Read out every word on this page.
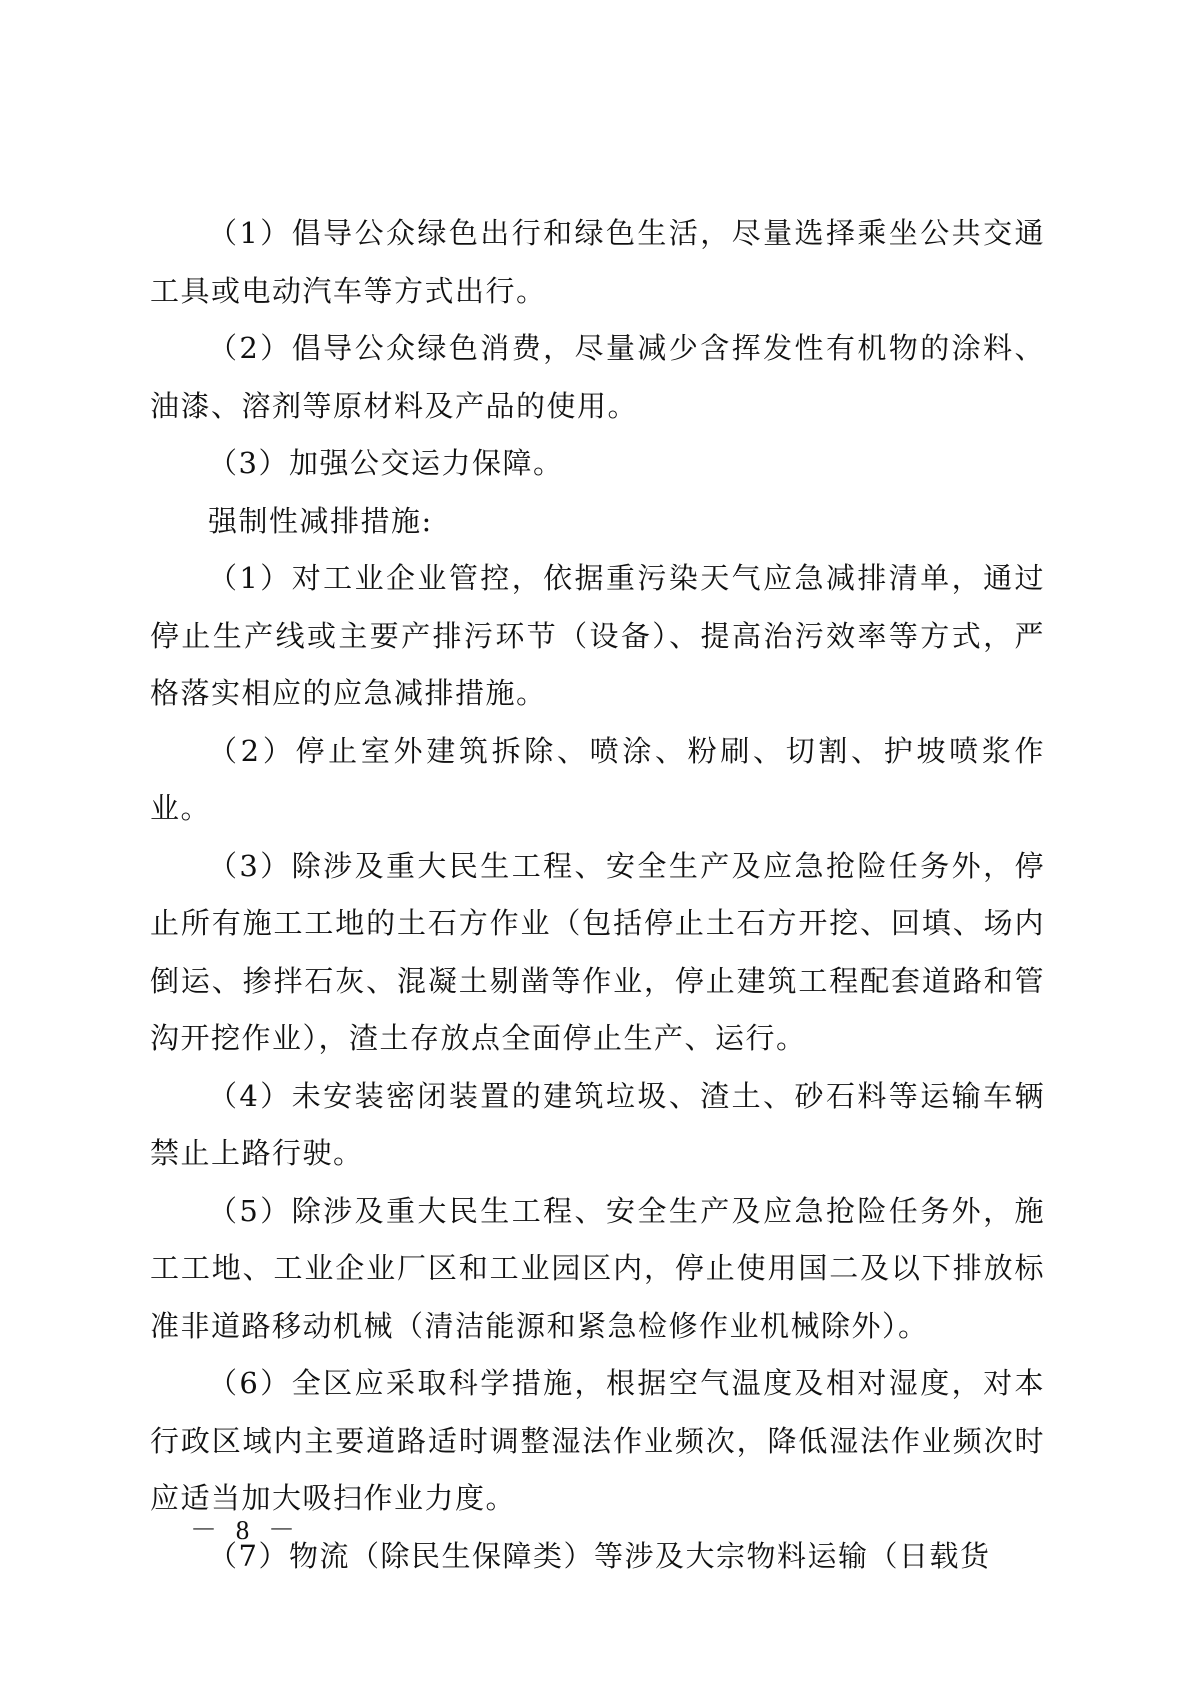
（1）倡导公众绿色出行和绿色生活，尽量选择乘坐公共交通工具或电动汽车等方式出行。

（2）倡导公众绿色消费，尽量减少含挥发性有机物的涂料、油漆、溶剂等原材料及产品的使用。

（3）加强公交运力保障。

强制性减排措施:

（1）对工业企业管控，依据重污染天气应急减排清单，通过停止生产线或主要产排污环节（设备）、提高治污效率等方式，严格落实相应的应急减排措施。

（2）停止室外建筑拆除、喷涂、粉刷、切割、护坡喷浆作业。

（3）除涉及重大民生工程、安全生产及应急抢险任务外，停止所有施工工地的土石方作业（包括停止土石方开挖、回填、场内倒运、掺拌石灰、混凝土剔凿等作业，停止建筑工程配套道路和管沟开挖作业），渣土存放点全面停止生产、运行。

（4）未安装密闭装置的建筑垃圾、渣土、砂石料等运输车辆禁止上路行驶。

（5）除涉及重大民生工程、安全生产及应急抢险任务外，施工工地、工业企业厂区和工业园区内，停止使用国二及以下排放标准非道路移动机械（清洁能源和紧急检修作业机械除外）。

（6）全区应采取科学措施，根据空气温度及相对湿度，对本行政区域内主要道路适时调整湿法作业频次，降低湿法作业频次时应适当加大吸扫作业力度。

（7）物流（除民生保障类）等涉及大宗物料运输（日载货

－ 8 －
